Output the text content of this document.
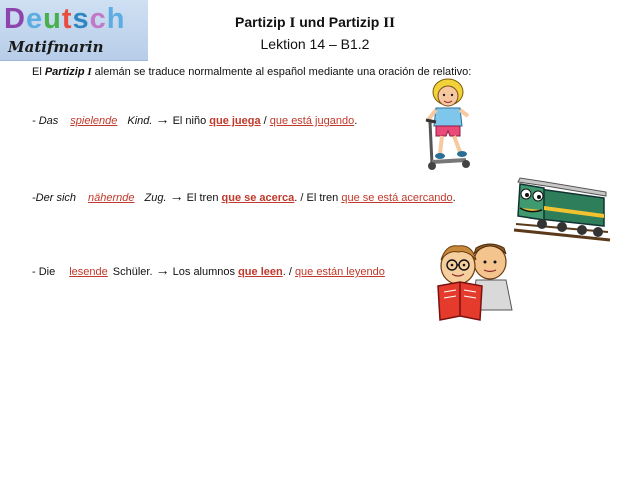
Deutsch
Matifmarin
Partizip I und Partizip II
Lektion 14 – B1.2
El Partizip I alemán se traduce normalmente al español mediante una oración de relativo:
- Das spielende Kind. → El niño que juega / que está jugando.
-Der sich nähernde Zug. → El tren que se acerca. / El tren que se está acercando.
- Die lesende Schüler. → Los alumnos que leen. / que están leyendo
